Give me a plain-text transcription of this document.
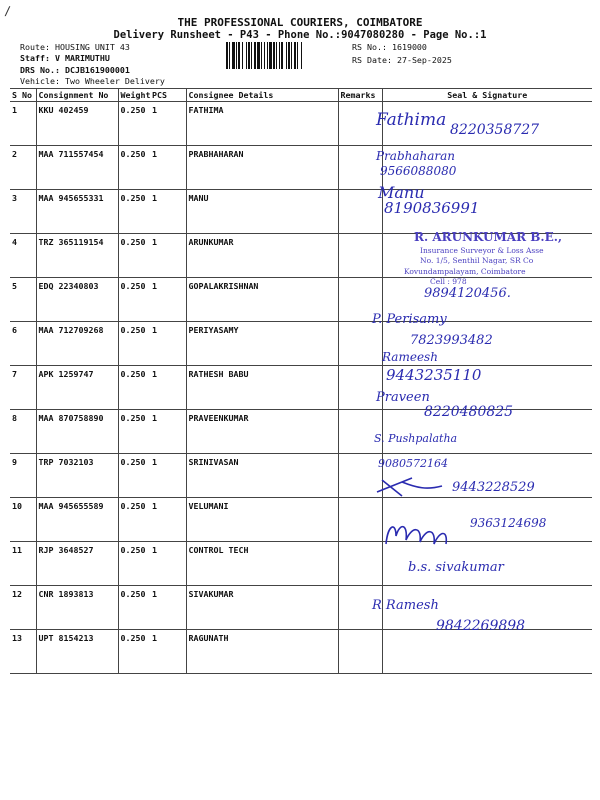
‏∕
THE PROFESSIONAL COURIERS, COIMBATORE
Delivery Runsheet - P43 - Phone No.:9047080280 - Page No.:1
Route: HOUSING UNIT 43
Staff: V MARIMUTHU
DRS No.: DCJB161900001
Vehicle: Two Wheeler Delivery
RS No.: 1619000
RS Date: 27-Sep-2025
S No	Consignment No	Weight	PCS	Consignee Details	Remarks	Seal & Signature
1	KKU 402459	0.250	1	FATHIMA		
2	MAA 711557454	0.250	1	PRABHAHARAN		
3	MAA 945655331	0.250	1	MANU		
4	TRZ 365119154	0.250	1	ARUNKUMAR		
5	EDQ 22340803	0.250	1	GOPALAKRISHNAN		
6	MAA 712709268	0.250	1	PERIYASAMY		
7	APK 1259747	0.250	1	RATHESH BABU		
8	MAA 870758890	0.250	1	PRAVEENKUMAR		
9	TRP 7032103	0.250	1	SRINIVASAN		
10	MAA 945655589	0.250	1	VELUMANI		
11	RJP 3648527	0.250	1	CONTROL TECH		
12	CNR 1893813	0.250	1	SIVAKUMAR		
13	UPT 8154213	0.250	1	RAGUNATH		
Fathima 8220358727
Prabhaharan
9566088080
Manu
8190836991
R. ARUNKUMAR B.E.,
Insurance Surveyor & Loss Asse
No. 1/5, Senthil Nagar, SR Co
Kovundampalayam, Coimbatore
Cell : 978
9894120456.
P. Perisamy
7823993482
Rameesh
9443235110
Praveen
8220480825
S. Pushpalatha
9080572164
9443228529
9363124698
b.s. sivakumar
R Ramesh
9842269898
